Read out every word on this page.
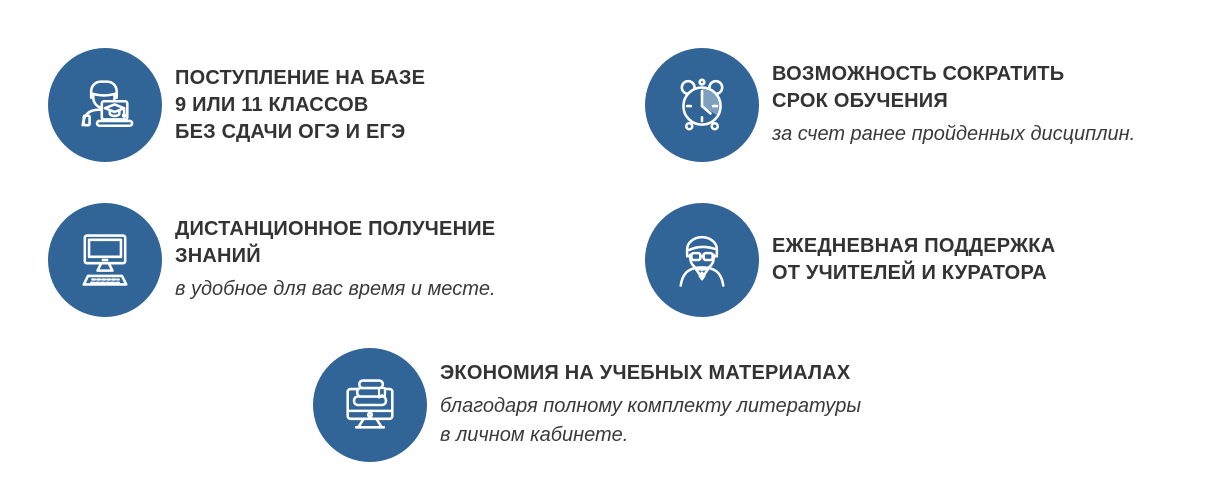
ПОСТУПЛЕНИЕ НА БАЗЕ
9 ИЛИ 11 КЛАССОВ
БЕЗ СДАЧИ ОГЭ И ЕГЭ
ВОЗМОЖНОСТЬ СОКРАТИТЬ
СРОК ОБУЧЕНИЯ
за счет ранее пройденных дисциплин.
ДИСТАНЦИОННОЕ ПОЛУЧЕНИЕ
ЗНАНИЙ
в удобное для вас время и месте.
ЕЖЕДНЕВНАЯ ПОДДЕРЖКА
ОТ УЧИТЕЛЕЙ И КУРАТОРА
ЭКОНОМИЯ НА УЧЕБНЫХ МАТЕРИАЛАХ
благодаря полному комплекту литературы
в личном кабинете.
